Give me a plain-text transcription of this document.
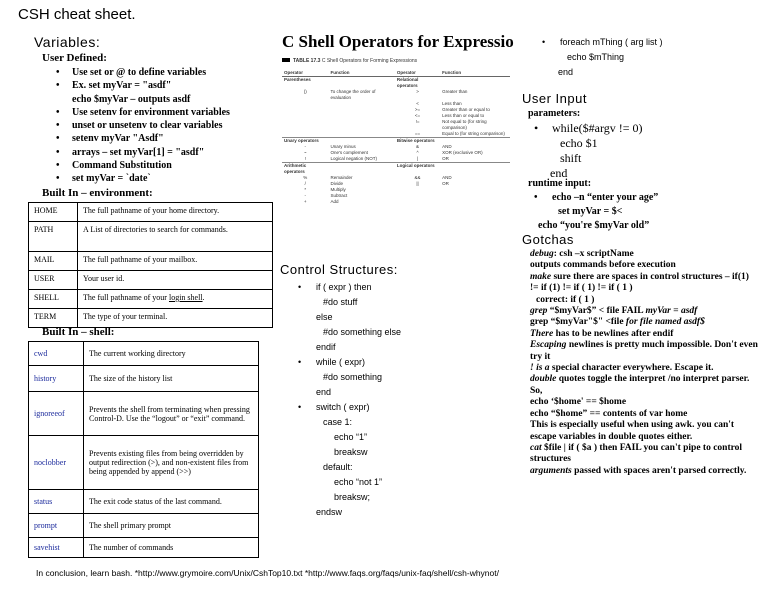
CSH cheat sheet.
Variables:
User Defined:
• Use set or @ to define variables
• Ex. set myVar = "asdf"
echo $myVar – outputs asdf
• Use setenv for environment variables
• unset or unsetenv to clear variables
• setenv myVar "Asdf"
• arrays – set myVar[1] = "asdf"
• Command Substitution
• set myVar = `date`
Built In – environment:
HOME	The full pathname of your home directory.
PATH	A List of directories to search for commands.
MAIL	The full pathname of your mailbox.
USER	Your user id.
SHELL	The full pathname of your login shell.
TERM	The type of your terminal.
Built In – shell:
cwd	The current working directory
history	The size of the history list
ignoreeof	Prevents the shell from terminating when pressing Control-D. Use the “logout” or “exit” command.
noclobber	Prevents existing files from being overridden by output redirection (>), and non-existent files from being appended by append (>>)
status	The exit code status of the last command.
prompt	The shell primary prompt
savehist	The number of commands
C Shell Operators for Expressio
TABLE 17.3 C Shell Operators for Forming Expressions
Operator	Function	Operator	Function
Parentheses		Relational operators	
()	To change the order of evaluation	>	Greater than
		<	Less than
		>=	Greater than or equal to
		<=	Less than or equal to
		!=	Not equal to (for string comparison)
		==	Equal to (for string comparison)
Unary operators		Bitwise operators	
-	Unary minus	&	AND
~	One's complement	^	XOR (exclusive OR)
!	Logical negation (NOT)	|	OR
Arithmetic operators		Logical operators	
%	Remainder	&&	AND
/	Divide	||	OR
*	Multiply		
-	Subtract		
+	Add		
Control Structures:
• if ( expr ) then
#do stuff
else
#do something else
endif
• while ( expr)
#do something
end
• switch ( expr)
case 1:
echo “1”
breaksw
default:
echo “not 1”
breaksw;
endsw
• foreach mThing ( arg list )
echo $mThing
end
User Input
parameters:
• while($#argv != 0)
echo $1
shift
end
runtime input:
• echo –n “enter your age”
set myVar = $<
echo “you're $myVar old”
Gotchas
debug: csh –x scriptName
outputs commands before execution
make sure there are spaces in control structures – if(1) != if (1) != if ( 1) != if ( 1 )
correct: if ( 1 )
grep “$myVar$” < file FAIL myVar = asdf
grep “$myVar"$" <file for file named asdf$
There has to be newlines after endif
Escaping newlines is pretty much impossible. Don't even try it
! is a special character everywhere. Escape it.
double quotes toggle the interpret /no interpret parser. So,
echo ‘$home' == $home
echo “$home” == contents of var home
This is especially useful when using awk. you can't escape variables in double quotes either.
cat $file | if ( $a ) then FAIL you can't pipe to control structures
arguments passed with spaces aren't parsed correctly.
In conclusion, learn bash. *http://www.grymoire.com/Unix/CshTop10.txt *http://www.faqs.org/faqs/unix-faq/shell/csh-whynot/
